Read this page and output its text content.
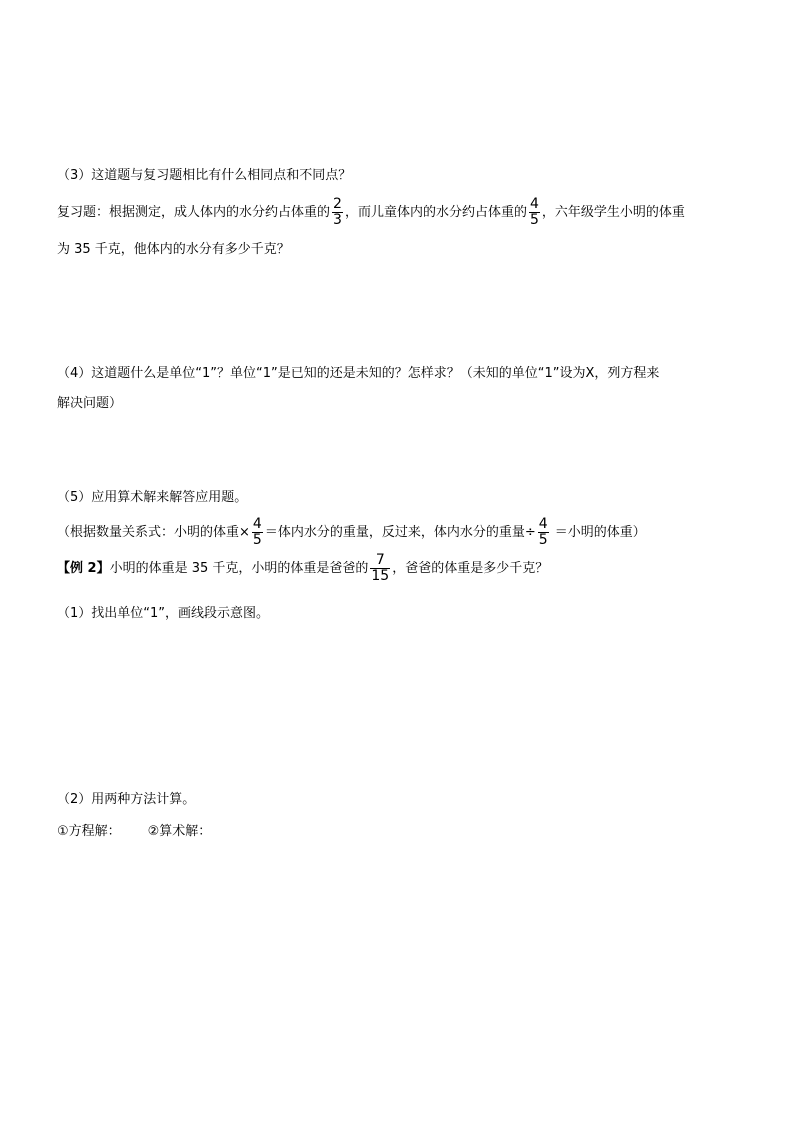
（3）这道题与复习题相比有什么相同点和不同点？
复习题：根据测定，成人体内的水分约占体重的 $\frac{2}{3}$ ，而儿童体内的水分约占体重的 $\frac{4}{5}$ ，六年级学生小明的体重
为 35 千克，他体内的水分有多少千克？
（4）这道题什么是单位“1”？单位“1”是已知的还是未知的？怎样求？（未知的单位“1”设为X，列方程来
解决问题）
（5）应用算术解来解答应用题。
（根据数量关系式：小明的体重× $\frac{4}{5}$ ＝体内水分的重量，反过来，体内水分的重量÷ $\frac{4}{5}$ ＝小明的体重）
【例 2】小明的体重是 35 千克，小明的体重是爸爸的 $\frac{7}{15}$ ，爸爸的体重是多少千克？
（1）找出单位“1”，画线段示意图。
（2）用两种方法计算。
①方程解： ②算术解：
